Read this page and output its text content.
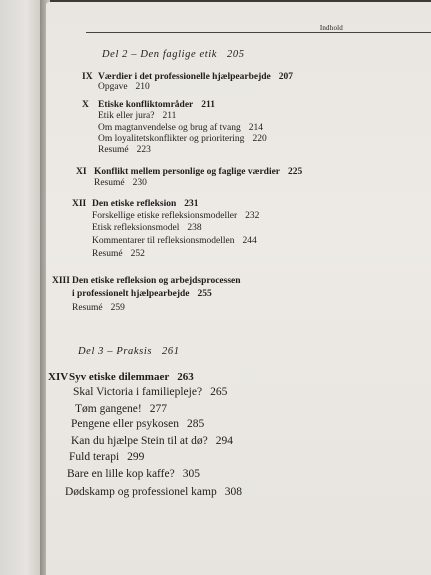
Indhold
Del 2 – Den faglige etik 205
IX Værdier i det professionelle hjælpearbejde 207
Opgave 210
X Etiske konfliktområder 211
Etik eller jura? 211
Om magtanvendelse og brug af tvang 214
Om loyalitetskonflikter og prioritering 220
Resumé 223
XI Konflikt mellem personlige og faglige værdier 225
Resumé 230
XII Den etiske refleksion 231
Forskellige etiske refleksionsmodeller 232
Etisk refleksionsmodel 238
Kommentarer til refleksionsmodellen 244
Resumé 252
XIII Den etiske refleksion og arbejdsprocessen
i professionelt hjælpearbejde 255
Resumé 259
Del 3 – Praksis 261
XIV Syv etiske dilemmaer 263
Skal Victoria i familiepleje? 265
Tøm gangene! 277
Pengene eller psykosen 285
Kan du hjælpe Stein til at dø? 294
Fuld terapi 299
Bare en lille kop kaffe? 305
Dødskamp og professionel kamp 308
